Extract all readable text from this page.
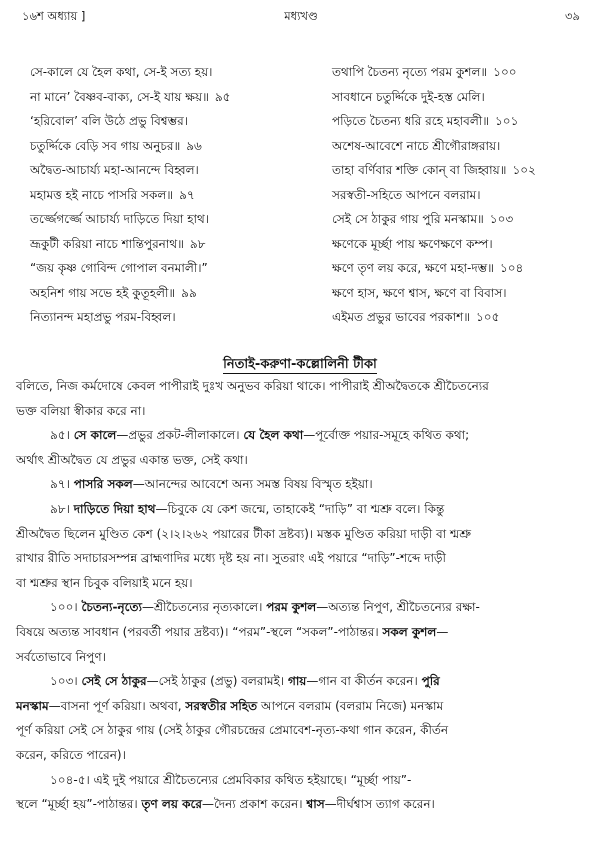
১৬শ অধ্যায় ]	মধ্যখণ্ড	৩৯
সে-কালে যে হৈল কথা, সে-ই সত্য হয়।
না মানে’ বৈষ্ণব-বাক্য, সে-ই যায় ক্ষয়॥ ৯৫
‘হরিবোল’ বলি উঠে প্রভু বিশ্বম্ভর।
চতুর্দ্দিকে বেড়ি সব গায় অনুচর॥ ৯৬
অদ্বৈত-আচার্য্য মহা-আনন্দে বিহ্বল।
মহামত্ত হই নাচে পাসরি সকল॥ ৯৭
তর্জ্জেগর্জ্জে আচার্য্য দাড়িতে দিয়া হাথ।
ভ্রূকুটী করিয়া নাচে শান্তিপুরনাথ॥ ৯৮
“জয় কৃষ্ণ গোবিন্দ গোপাল বনমালী।”
অহনিশ গায় সভে হই কুতূহলী॥ ৯৯
নিত্যানন্দ মহাপ্রভু পরম-বিহ্বল।
তথাপি চৈতন্য নৃত্যে পরম কুশল॥ ১০০
সাবধানে চতুর্দ্দিকে দুই-হস্ত মেলি।
পড়িতে চৈতন্য ধরি রহে মহাবলী॥ ১০১
অশেষ-আবেশে নাচে শ্রীগৌরাঙ্গরায়।
তাহা বর্ণিবার শক্তি কোন্ বা জিহ্বায়॥ ১০২
সরস্বতী-সহিতে আপনে বলরাম।
সেই সে ঠাকুর গায় পুরি মনস্কাম॥ ১০৩
ক্ষণেকে মূর্চ্ছা পায় ক্ষণেক্ষণে কম্প।
ক্ষণে তৃণ লয় করে, ক্ষণে মহা-দম্ভ॥ ১০৪
ক্ষণে হাস, ক্ষণে শ্বাস, ক্ষণে বা বিবাস।
এইমত প্রভুর ভাবের পরকাশ॥ ১০৫
নিতাই-করুণা-কল্লোলিনী টীকা
বলিতে, নিজ কর্মদোষে কেবল পাপীরাই দুঃখ অনুভব করিয়া থাকে। পাপীরাই শ্রীঅদ্বৈতকে শ্রীচৈতন্যের
ভক্ত বলিয়া স্বীকার করে না।
৯৫। সে কালে—প্রভুর প্রকট-লীলাকালে। যে হৈল কথা—পূর্বোক্ত পয়ার-সমূহে কথিত কথা;
অর্থাৎ শ্রীঅদ্বৈত যে প্রভুর একান্ত ভক্ত, সেই কথা।
৯৭। পাসরি সকল—আনন্দের আবেশে অন্য সমস্ত বিষয় বিস্মৃত হইয়া।
৯৮। দাড়িতে দিয়া হাথ—চিবুকে যে কেশ জন্মে, তাহাকেই “দাড়ি” বা শ্মশ্রু বলে। কিন্তু
শ্রীঅদ্বৈত ছিলেন মুণ্ডিত কেশ (২।২।২৬২ পয়ারের টীকা দ্রষ্টব্য)। মস্তক মুণ্ডিত করিয়া দাড়ী বা শ্মশ্রু
রাখার রীতি সদাচারসম্পন্ন ব্রাহ্মণাদির মধ্যে দৃষ্ট হয় না। সুতরাং এই পয়ারে “দাড়ি”-শব্দে দাড়ী
বা শ্মশ্রুর স্থান চিবুক বলিয়াই মনে হয়।
১০০। চৈতন্য-নৃত্যে—শ্রীচৈতন্যের নৃত্যকালে। পরম কুশল—অত্যন্ত নিপুণ, শ্রীচৈতন্যের রক্ষা-
বিষয়ে অত্যন্ত সাবধান (পরবর্তী পয়ার দ্রষ্টব্য)। “পরম”-স্থলে “সকল”-পাঠান্তর। সকল কুশল—
সর্বতোভাবে নিপুণ।
১০৩। সেই সে ঠাকুর—সেই ঠাকুর (প্রভু) বলরামই। গায়—গান বা কীর্তন করেন। পুরি
মনস্কাম—বাসনা পূর্ণ করিয়া। অথবা, সরস্বতীর সহিত আপনে বলরাম (বলরাম নিজে) মনস্কাম
পূর্ণ করিয়া সেই সে ঠাকুর গায় (সেই ঠাকুর গৌরচন্দ্রের প্রেমাবেশ-নৃত্য-কথা গান করেন, কীর্তন
করেন, করিতে পারেন)।
১০৪-৫। এই দুই পয়ারে শ্রীচৈতন্যের প্রেমবিকার কথিত হইয়াছে। “মূর্চ্ছা পায়”-
স্থলে “মূর্চ্ছা হয়”-পাঠান্তর। তৃণ লয় করে—দৈন্য প্রকাশ করেন। শ্বাস—দীর্ঘশ্বাস ত্যাগ করেন।
